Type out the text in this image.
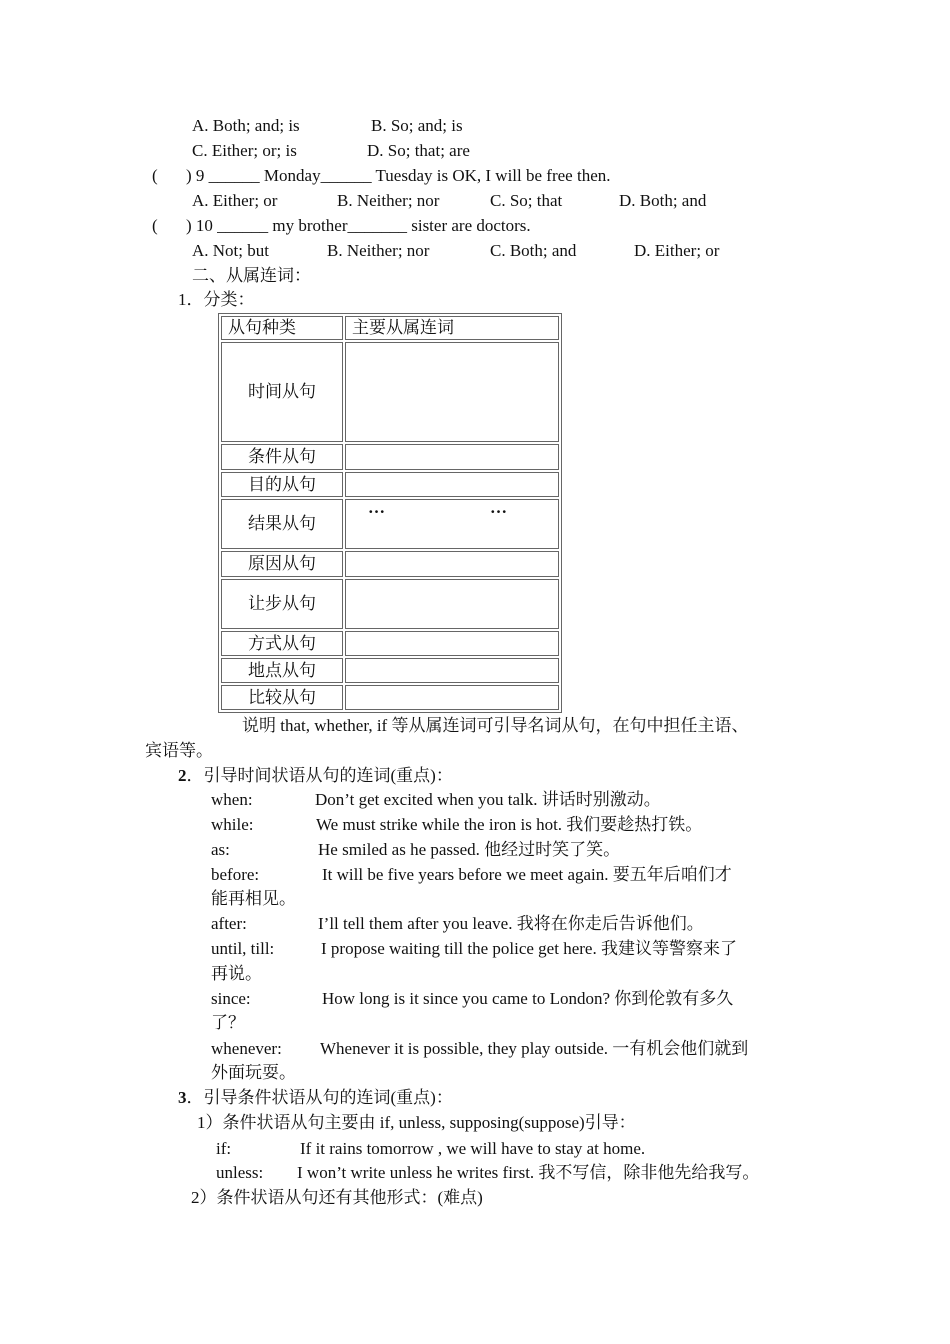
A. Both; and; is	B. So; and; is
C. Either; or; is	D. So; that; are
( ) 9 ______ Monday______ Tuesday is OK, I will be free then.
A. Either; or	B. Neither; nor	C. So; that	D. Both; and
( ) 10 ______ my brother_______ sister are doctors.
A. Not; but	B. Neither; nor	C. Both; and	D. Either; or
二、从属连词：
1．分类：
从句种类	主要从属连词
时间从句	
条件从句	
目的从句	
结果从句	… …

原因从句	
让步从句	
方式从句	
地点从句	
比较从句	
说明 that, whether, if 等从属连词可引导名词从句，在句中担任主语、
宾语等。
2．引导时间状语从句的连词(重点)：
when:	Don’t get excited when you talk. 讲话时别激动。
while:	We must strike while the iron is hot. 我们要趁热打铁。
as:	He smiled as he passed. 他经过时笑了笑。
before:	It will be five years before we meet again. 要五年后咱们才
能再相见。
after:	I’ll tell them after you leave. 我将在你走后告诉他们。
until, till:	I propose waiting till the police get here. 我建议等警察来了
再说。
since:	How long is it since you came to London? 你到伦敦有多久
了？
whenever: Whenever it is possible, they play outside. 一有机会他们就到
外面玩耍。
3．引导条件状语从句的连词(重点)：
1）条件状语从句主要由 if, unless, supposing(suppose)引导：
if:	If it rains tomorrow , we will have to stay at home.
unless: I won’t write unless he writes first. 我不写信，除非他先给我写。
2）条件状语从句还有其他形式：(难点)
